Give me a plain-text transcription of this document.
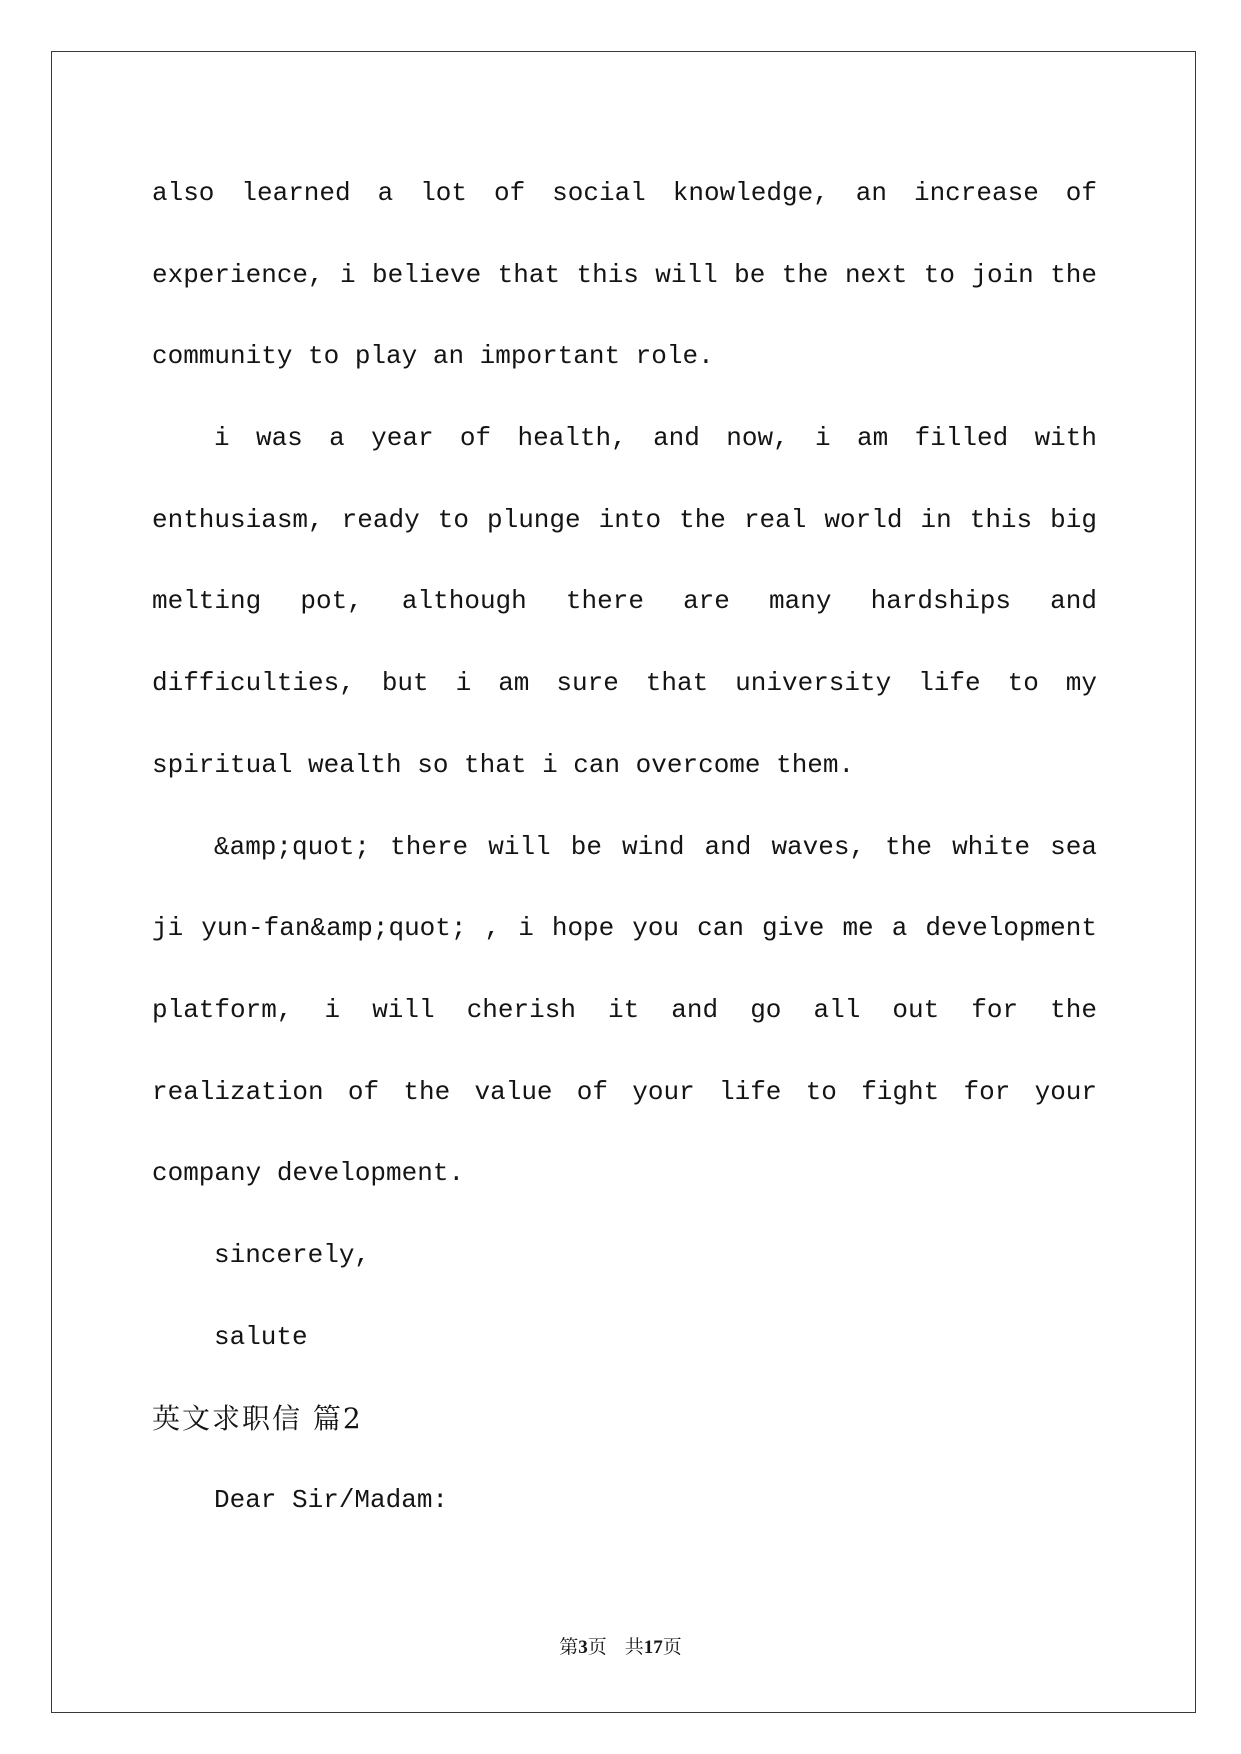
also learned a lot of social knowledge, an increase of
experience, i believe that this will be the next to join the
community to play an important role.
i was a year of health, and now, i am filled with
enthusiasm, ready to plunge into the real world in this big
melting pot, although there are many hardships and
difficulties, but i am sure that university life to my
spiritual wealth so that i can overcome them.
&amp;quot; there will be wind and waves, the white sea
ji yun-fan&amp;quot; , i hope you can give me a development
platform, i will cherish it and go all out for the
realization of the value of your life to fight for your
company development.
sincerely,
salute
英文求职信 篇2
Dear Sir/Madam:
第3页 共17页
